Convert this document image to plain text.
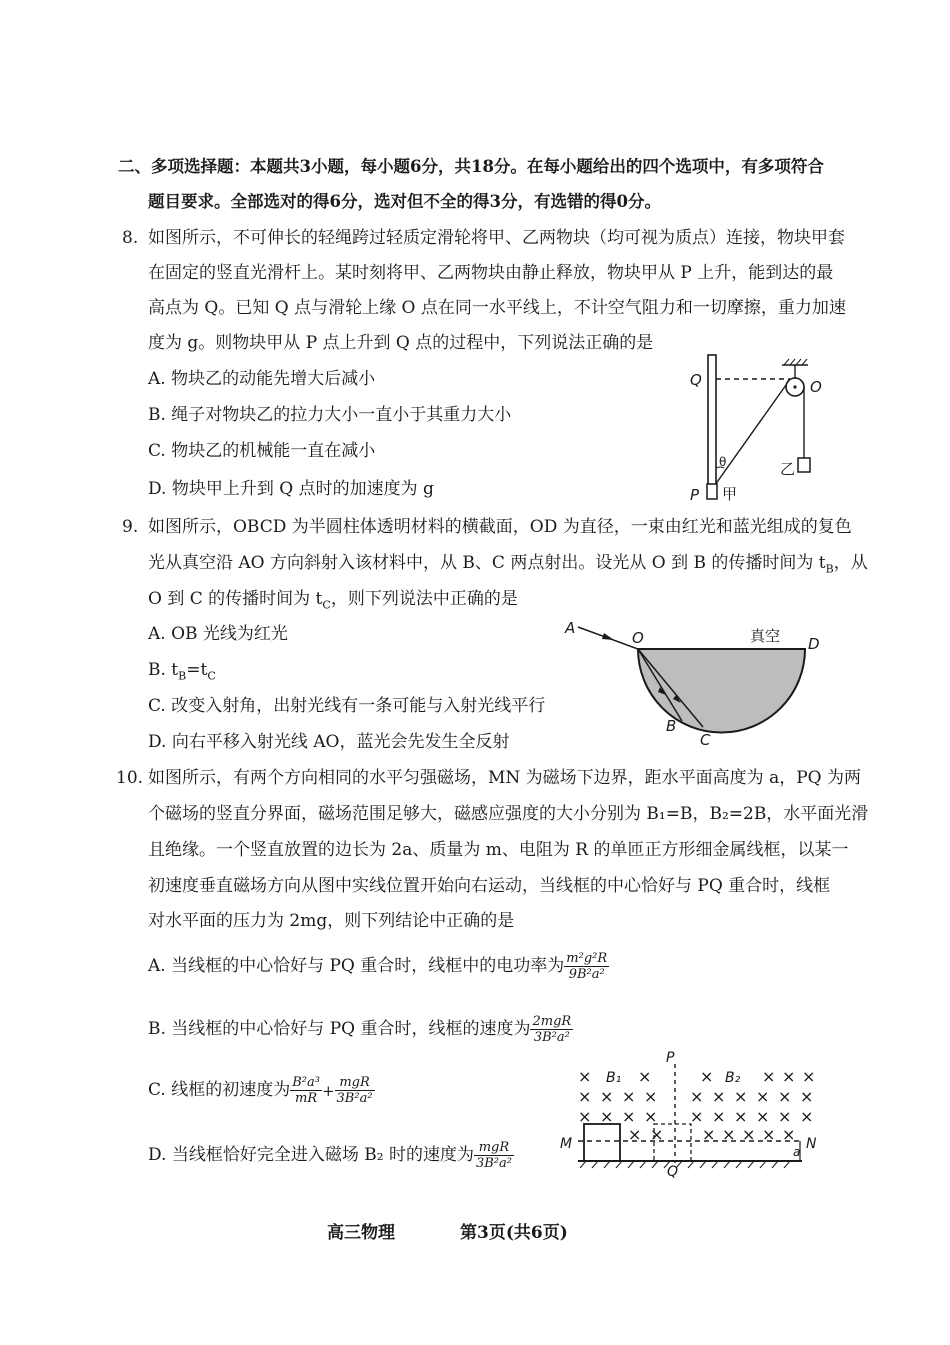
二、多项选择题：本题共3小题，每小题6分，共18分。在每小题给出的四个选项中，有多项符合
题目要求。全部选对的得6分，选对但不全的得3分，有选错的得0分。
8. 如图所示，不可伸长的轻绳跨过轻质定滑轮将甲、乙两物块（均可视为质点）连接，物块甲套
在固定的竖直光滑杆上。某时刻将甲、乙两物块由静止释放，物块甲从 P 上升，能到达的最
高点为 Q。已知 Q 点与滑轮上缘 O 点在同一水平线上，不计空气阻力和一切摩擦，重力加速
度为 g。则物块甲从 P 点上升到 Q 点的过程中，下列说法正确的是
A. 物块乙的动能先增大后减小
B. 绳子对物块乙的拉力大小一直小于其重力大小
C. 物块乙的机械能一直在减小
D. 物块甲上升到 Q 点时的加速度为 g
Q	O
θ	乙
P 甲
9. 如图所示，OBCD 为半圆柱体透明材料的横截面，OD 为直径，一束由红光和蓝光组成的复色
光从真空沿 AO 方向斜射入该材料中，从 B、C 两点射出。设光从 O 到 B 的传播时间为 $t_B$，从
O 到 C 的传播时间为 $t_C$，则下列说法中正确的是
A. OB 光线为红光
B. $t_B=t_C$
C. 改变入射角，出射光线有一条可能与入射光线平行
D. 向右平移入射光线 AO，蓝光会先发生全反射
A
O	真空 D
B
C
10. 如图所示，有两个方向相同的水平匀强磁场，MN 为磁场下边界，距水平面高度为 a，PQ 为两
个磁场的竖直分界面，磁场范围足够大，磁感应强度的大小分别为 B₁=B，B₂=2B，水平面光滑
且绝缘。一个竖直放置的边长为 2a、质量为 m、电阻为 R 的单匝正方形细金属线框，以某一
初速度垂直磁场方向从图中实线位置开始向右运动，当线框的中心恰好与 PQ 重合时，线框
对水平面的压力为 2mg，则下列结论中正确的是
A. 当线框的中心恰好与 PQ 重合时，线框中的电功率为 $\frac{\text{m²g²R}}{\text{9B²a²}}$
B. 当线框的中心恰好与 PQ 重合时，线框的速度为 $\frac{\text{2mgR}}{\text{3B²a²}}$
C. 线框的初速度为 $\frac{\text{B²a³}}{mR} + \frac{\text{mgR}}{\text{3B²a²}}$
D. 当线框恰好完全进入磁场 B₂ 时的速度为 $\frac{\text{mgR}}{\text{3B²a²}}$
×	×	×	× × ×
× × × × × × × × × ×
× × × × × × × × × ×
× × × × × × ×
P
B₁	B₂
M	N
a
Q
高三物理	第3页(共6页)
